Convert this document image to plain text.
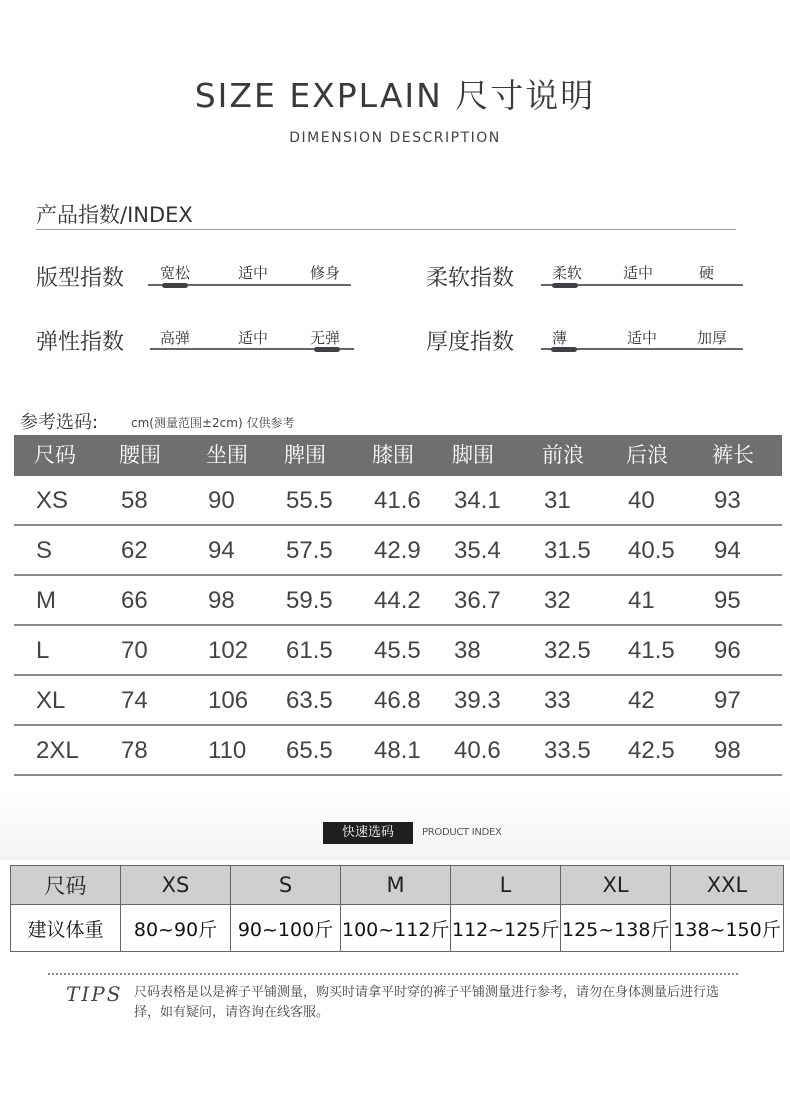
SIZE EXPLAIN 尺寸说明
DIMENSION DESCRIPTION
产品指数/INDEX
版型指数 宽松	适中	修身	柔软指数	柔软	适中	硬
弹性指数 高弹	适中	无弹	厚度指数	薄	适中	加厚
参考选码:	cm(测量范围±2cm) 仅供参考
尺码 腰围 坐围 脾围 膝围 脚围 前浪 后浪 裤长
XS 58	90 55.5 41.6 34.1 31 40 93
S	62	94 57.5 42.9 35.4 31.5 40.5 94
M	66	98 59.5 44.2 36.7 32 41 95
L	70	102 61.5 45.5 38	32.5 41.5 96
XL 74	106 63.5 46.8 39.3 33 42 97
2XL 78	110 65.5 48.1 40.6 33.5 42.5 98
快速选码	PRODUCT INDEX
尺码	XS	S	M	L	XL	XXL
建议体重	80~90斤	90~100斤	100~112斤	112~125斤	125~138斤	138~150斤
TIPS 尺码表格是以是裤子平铺测量，购买时请拿平时穿的裤子平铺测量进行参考，请勿在身体测量后进行选择，如有疑问，请咨询在线客服。
